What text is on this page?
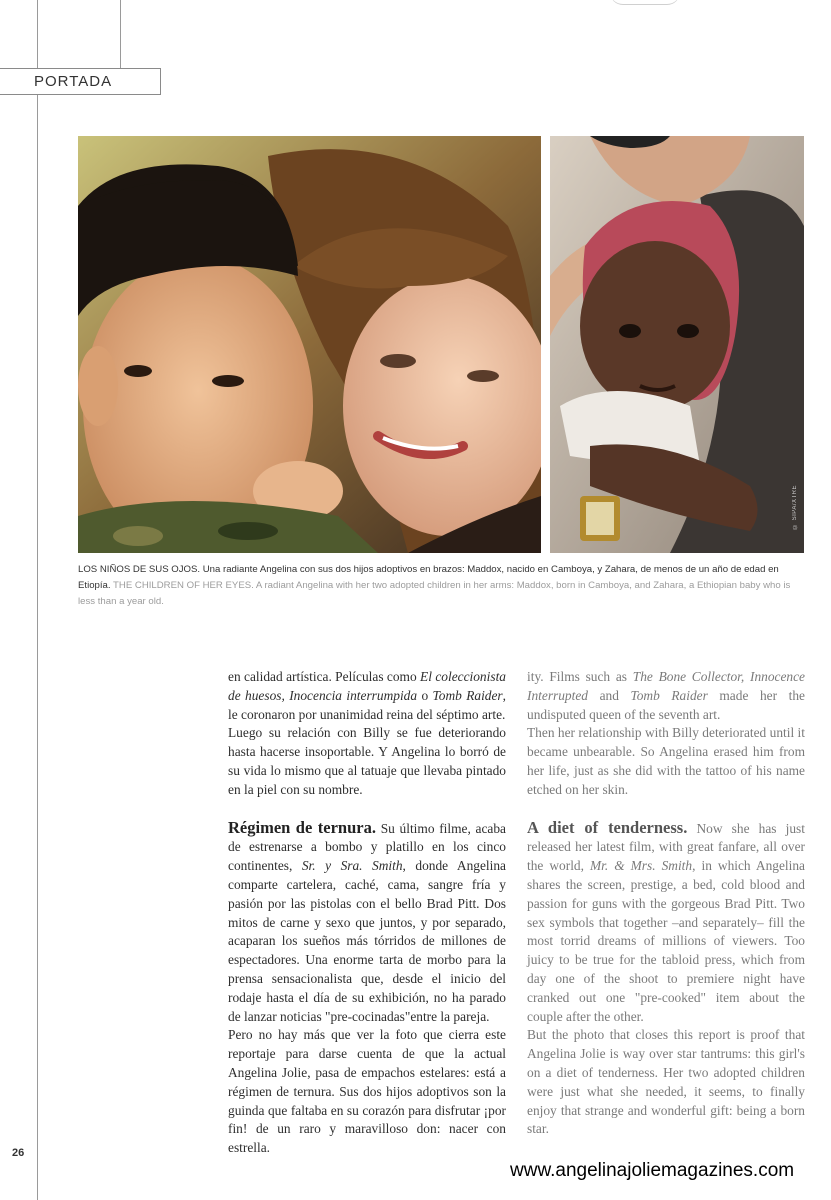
PORTADA
© SIPA/XTRE
LOS NIÑOS DE SUS OJOS. Una radiante Angelina con sus dos hijos adoptivos en brazos: Maddox, nacido en Camboya, y Zahara, de menos de un año de edad en Etiopía. THE CHILDREN OF HER EYES. A radiant Angelina with her two adopted children in her arms: Maddox, born in Camboya, and Zahara, a Ethiopian baby who is less than a year old.

en calidad artística. Películas como El coleccionista de huesos, Inocencia interrumpida o Tomb Raider, le coronaron por unanimidad reina del séptimo arte.

Luego su relación con Billy se fue deteriorando hasta hacerse insoportable. Y Angelina lo borró de su vida lo mismo que al tatuaje que llevaba pintado en la piel con su nombre.

Régimen de ternura. Su último filme, acaba de estrenarse a bombo y platillo en los cinco continentes, Sr. y Sra. Smith, donde Angelina comparte cartelera, caché, cama, sangre fría y pasión por las pistolas con el bello Brad Pitt. Dos mitos de carne y sexo que juntos, y por separado, acaparan los sueños más tórridos de millones de espectadores. Una enorme tarta de morbo para la prensa sensacionalista que, desde el inicio del rodaje hasta el día de su exhibición, no ha parado de lanzar noticias "pre-cocinadas"entre la pareja.

Pero no hay más que ver la foto que cierra este reportaje para darse cuenta de que la actual Angelina Jolie, pasa de empachos estelares: está a régimen de ternura. Sus dos hijos adoptivos son la guinda que faltaba en su corazón para disfrutar ¡por fin! de un raro y maravilloso don: nacer con estrella.

ity. Films such as The Bone Collector, Innocence Interrupted and Tomb Raider made her the undisputed queen of the seventh art.

Then her relationship with Billy deteriorated until it became unbearable. So Angelina erased him from her life, just as she did with the tattoo of his name etched on her skin.

A diet of tenderness. Now she has just released her latest film, with great fanfare, all over the world, Mr. & Mrs. Smith, in which Angelina shares the screen, prestige, a bed, cold blood and passion for guns with the gorgeous Brad Pitt. Two sex symbols that together –and separately– fill the most torrid dreams of millions of viewers. Too juicy to be true for the tabloid press, which from day one of the shoot to premiere night have cranked out one "pre-cooked" item about the couple after the other.

But the photo that closes this report is proof that Angelina Jolie is way over star tantrums: this girl's on a diet of tenderness. Her two adopted children were just what she needed, it seems, to finally enjoy that strange and wonderful gift: being a born star.

26
www.angelinajoliemagazines.com
